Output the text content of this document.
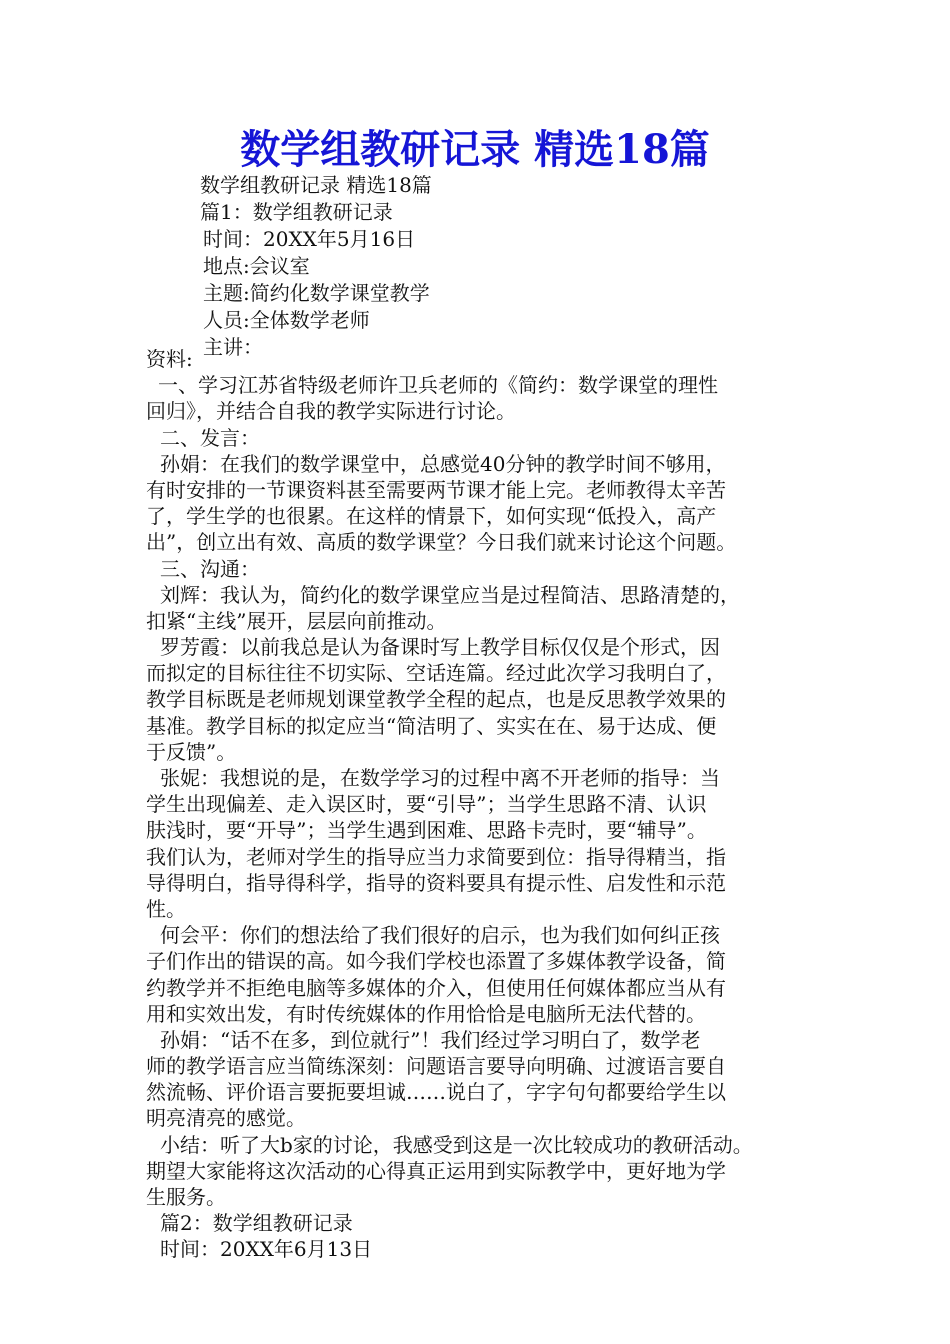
数学组教研记录 精选18篇
数学组教研记录 精选18篇
篇1：数学组教研记录
时间：20XX年5月16日
地点:会议室
主题:简约化数学课堂教学
人员:全体数学老师
主讲：
资料:
一、学习江苏省特级老师许卫兵老师的《简约：数学课堂的理性
回归》，并结合自我的教学实际进行讨论。
二、发言：
孙娟：在我们的数学课堂中，总感觉40分钟的教学时间不够用，
有时安排的一节课资料甚至需要两节课才能上完。老师教得太辛苦
了，学生学的也很累。在这样的情景下，如何实现“低投入，高产
出”，创立出有效、高质的数学课堂？今日我们就来讨论这个问题。
三、沟通：
刘辉：我认为，简约化的数学课堂应当是过程简洁、思路清楚的，
扣紧“主线”展开，层层向前推动。
罗芳霞：以前我总是认为备课时写上教学目标仅仅是个形式，因
而拟定的目标往往不切实际、空话连篇。经过此次学习我明白了，
教学目标既是老师规划课堂教学全程的起点，也是反思教学效果的
基准。教学目标的拟定应当“简洁明了、实实在在、易于达成、便
于反馈”。
张妮：我想说的是，在数学学习的过程中离不开老师的指导：当
学生出现偏差、走入误区时，要“引导”；当学生思路不清、认识
肤浅时，要“开导”；当学生遇到困难、思路卡壳时，要“辅导”。
我们认为，老师对学生的指导应当力求简要到位：指导得精当，指
导得明白，指导得科学，指导的资料要具有提示性、启发性和示范
性。
何会平：你们的想法给了我们很好的启示，也为我们如何纠正孩
子们作出的错误的高。如今我们学校也添置了多媒体教学设备，简
约教学并不拒绝电脑等多媒体的介入，但使用任何媒体都应当从有
用和实效出发，有时传统媒体的作用恰恰是电脑所无法代替的。
孙娟：“话不在多，到位就行”！我们经过学习明白了，数学老
师的教学语言应当简练深刻：问题语言要导向明确、过渡语言要自
然流畅、评价语言要扼要坦诚……说白了，字字句句都要给学生以
明亮清亮的感觉。
小结：听了大b家的讨论，我感受到这是一次比较成功的教研活动。
期望大家能将这次活动的心得真正运用到实际教学中，更好地为学
生服务。
篇2：数学组教研记录
时间：20XX年6月13日
